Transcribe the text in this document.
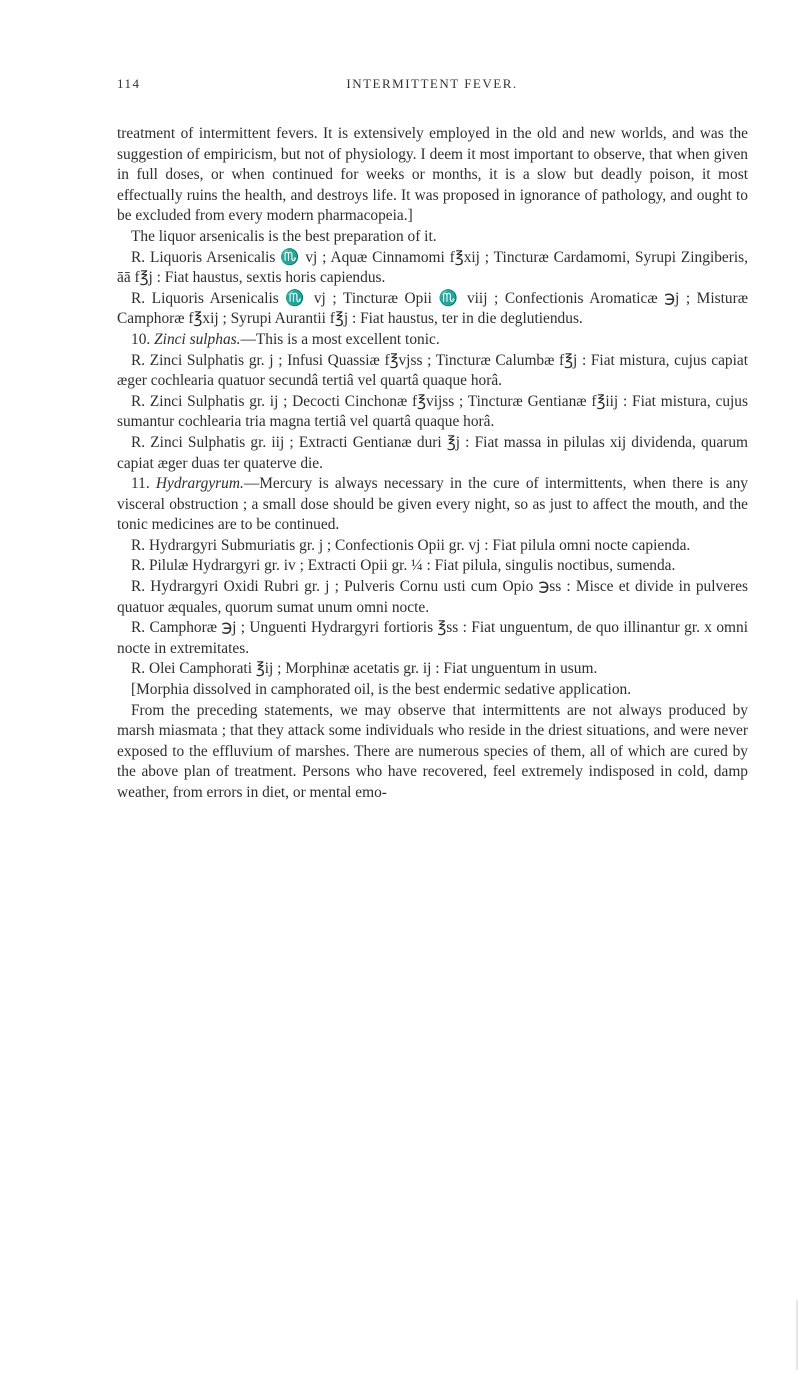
114	INTERMITTENT FEVER.

treatment of intermittent fevers. It is extensively employed in the old and new worlds, and was the suggestion of empiricism, but not of physiology. I deem it most important to observe, that when given in full doses, or when continued for weeks or months, it is a slow but deadly poison, it most effectually ruins the health, and destroys life. It was proposed in ignorance of pathology, and ought to be excluded from every modern pharmacopeia.]

The liquor arsenicalis is the best preparation of it.

R. Liquoris Arsenicalis ♏ vj ; Aquæ Cinnamomi f℥xij ; Tincturæ Cardamomi, Syrupi Zingiberis, āā f℥j : Fiat haustus, sextis horis capiendus.

R. Liquoris Arsenicalis ♏ vj ; Tincturæ Opii ♏ viij ; Confectionis Aromaticæ ℈j ; Misturæ Camphoræ f℥xij ; Syrupi Aurantii f℥j : Fiat haustus, ter in die deglutiendus.

10. Zinci sulphas.—This is a most excellent tonic.

R. Zinci Sulphatis gr. j ; Infusi Quassiæ f℥vjss ; Tincturæ Calumbæ f℥j : Fiat mistura, cujus capiat æger cochlearia quatuor secundâ tertiâ vel quartâ quaque horâ.

R. Zinci Sulphatis gr. ij ; Decocti Cinchonæ f℥vijss ; Tincturæ Gentianæ f℥iij : Fiat mistura, cujus sumantur cochlearia tria magna tertiâ vel quartâ quaque horâ.

R. Zinci Sulphatis gr. iij ; Extracti Gentianæ duri ℥j : Fiat massa in pilulas xij dividenda, quarum capiat æger duas ter quaterve die.

11. Hydrargyrum.—Mercury is always necessary in the cure of intermittents, when there is any visceral obstruction ; a small dose should be given every night, so as just to affect the mouth, and the tonic medicines are to be continued.

R. Hydrargyri Submuriatis gr. j ; Confectionis Opii gr. vj : Fiat pilula omni nocte capienda.

R. Pilulæ Hydrargyri gr. iv ; Extracti Opii gr. ¼ : Fiat pilula, singulis noctibus, sumenda.

R. Hydrargyri Oxidi Rubri gr. j ; Pulveris Cornu usti cum Opio ℈ss : Misce et divide in pulveres quatuor æquales, quorum sumat unum omni nocte.

R. Camphoræ ℈j ; Unguenti Hydrargyri fortioris ℥ss : Fiat unguentum, de quo illinantur gr. x omni nocte in extremitates.

R. Olei Camphorati ℥ij ; Morphinæ acetatis gr. ij : Fiat unguentum in usum.

[Morphia dissolved in camphorated oil, is the best endermic sedative application.

From the preceding statements, we may observe that intermittents are not always produced by marsh miasmata ; that they attack some individuals who reside in the driest situations, and were never exposed to the effluvium of marshes. There are numerous species of them, all of which are cured by the above plan of treatment. Persons who have recovered, feel extremely indisposed in cold, damp weather, from errors in diet, or mental emo-
